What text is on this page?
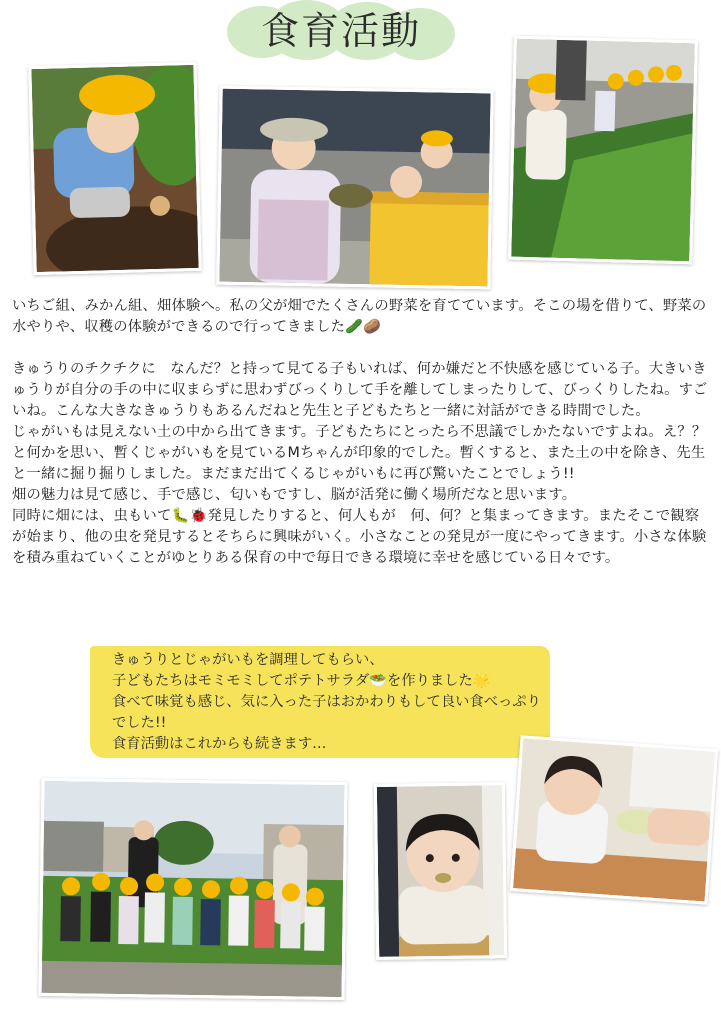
食育活動

いちご組、みかん組、畑体験へ。私の父が畑でたくさんの野菜を育てています。そこの場を借りて、野菜の水やりや、収穫の体験ができるので行ってきました🥒🥔

きゅうりのチクチクに　なんだ？と持って見てる子もいれば、何か嫌だと不快感を感じている子。大きいきゅうりが自分の手の中に収まらずに思わずびっくりして手を離してしまったりして、びっくりしたね。すごいね。こんな大きなきゅうりもあるんだねと先生と子どもたちと一緒に対話ができる時間でした。

じゃがいもは見えない土の中から出てきます。子どもたちにとったら不思議でしかたないですよね。え？？と何かを思い、暫くじゃがいもを見ているMちゃんが印象的でした。暫くすると、また土の中を除き、先生と一緒に掘り掘りしました。まだまだ出てくるじゃがいもに再び驚いたことでしょう!!

畑の魅力は見て感じ、手で感じ、匂いもですし、脳が活発に働く場所だなと思います。

同時に畑には、虫もいて🐛🐞発見したりすると、何人もが　何、何？と集まってきます。またそこで観察が始まり、他の虫を発見するとそちらに興味がいく。小さなことの発見が一度にやってきます。小さな体験を積み重ねていくことがゆとりある保育の中で毎日できる環境に幸せを感じている日々です。

きゅうりとじゃがいもを調理してもらい、

子どもたちはモミモミしてポテトサラダ🥗を作りました🌟

食べて味覚も感じ、気に入った子はおかわりもして良い食べっぷりでした!!

食育活動はこれからも続きます…
